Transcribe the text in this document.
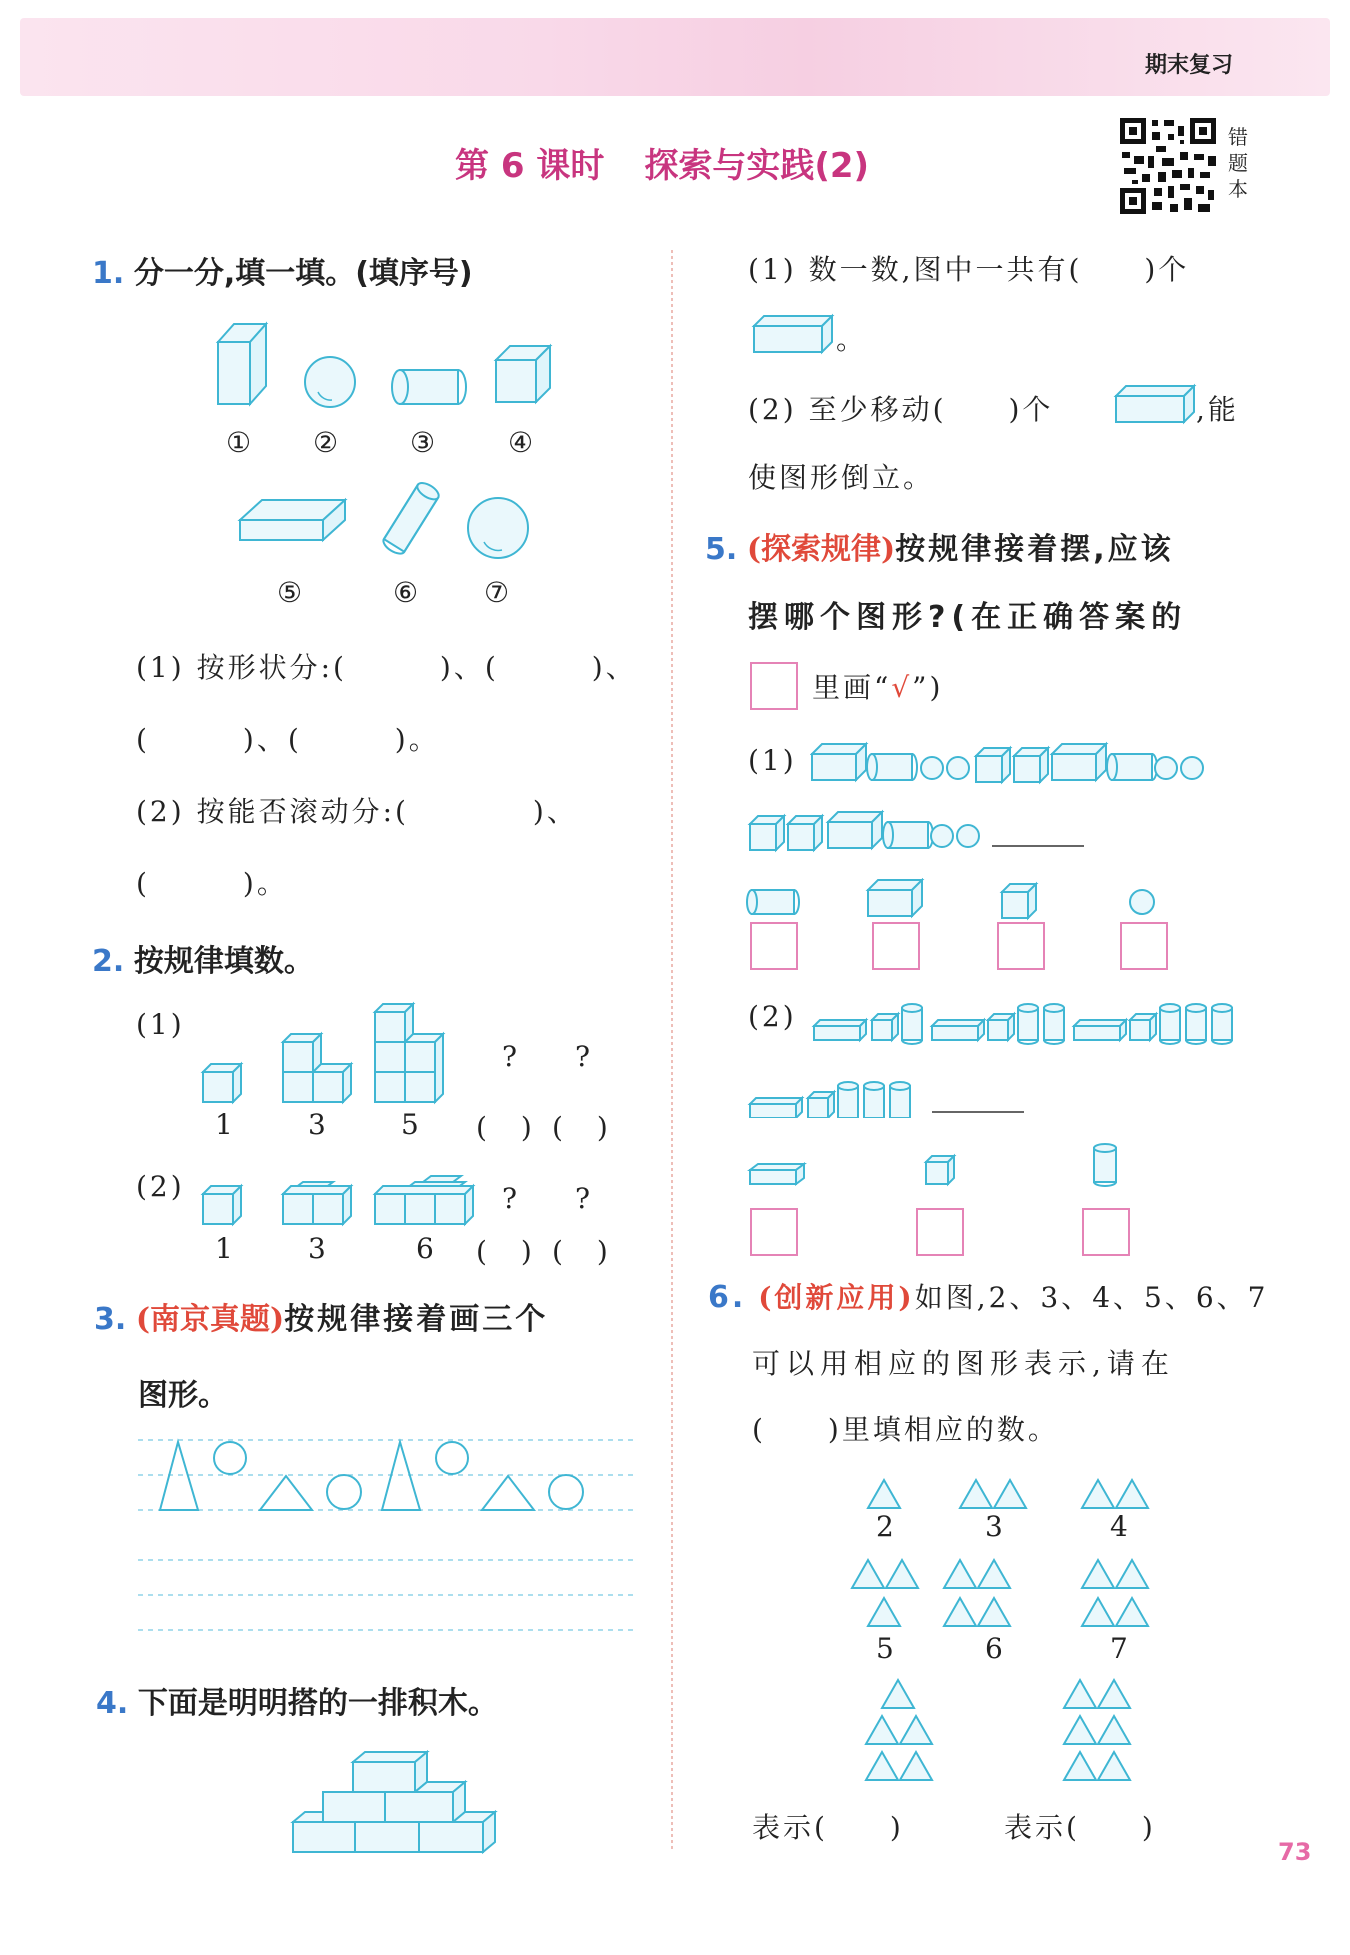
期末复习
第 6 课时 探索与实践(2)
错
题
本
1. 分一分,填一填。(填序号)
① ②	③	④
⑤	⑥ ⑦
(1) 按形状分:(　　　)、(　　　)、
(　　　)、(　　　)。
(2) 按能否滚动分:(　　　　)、
(　　　)。
2. 按规律填数。
(1)
1	3	5
? ?
(　) (　)
(2)
1	3	6
? ?
(　) (　)
3. (南京真题)按规律接着画三个
图形。
4. 下面是明明搭的一排积木。
(1) 数一数,图中一共有(　　)个
。
(2) 至少移动(　　)个	,能
使图形倒立。
5. (探索规律)按规律接着摆,应该
摆哪个图形?(在正确答案的
里画“√”)
(1)
(2)
6. (创新应用)如图,2、3、4、5、6、7
可以用相应的图形表示,请在
(　　)里填相应的数。
2	3	4
5	6	7
表示(　　)	表示(　　)
73
